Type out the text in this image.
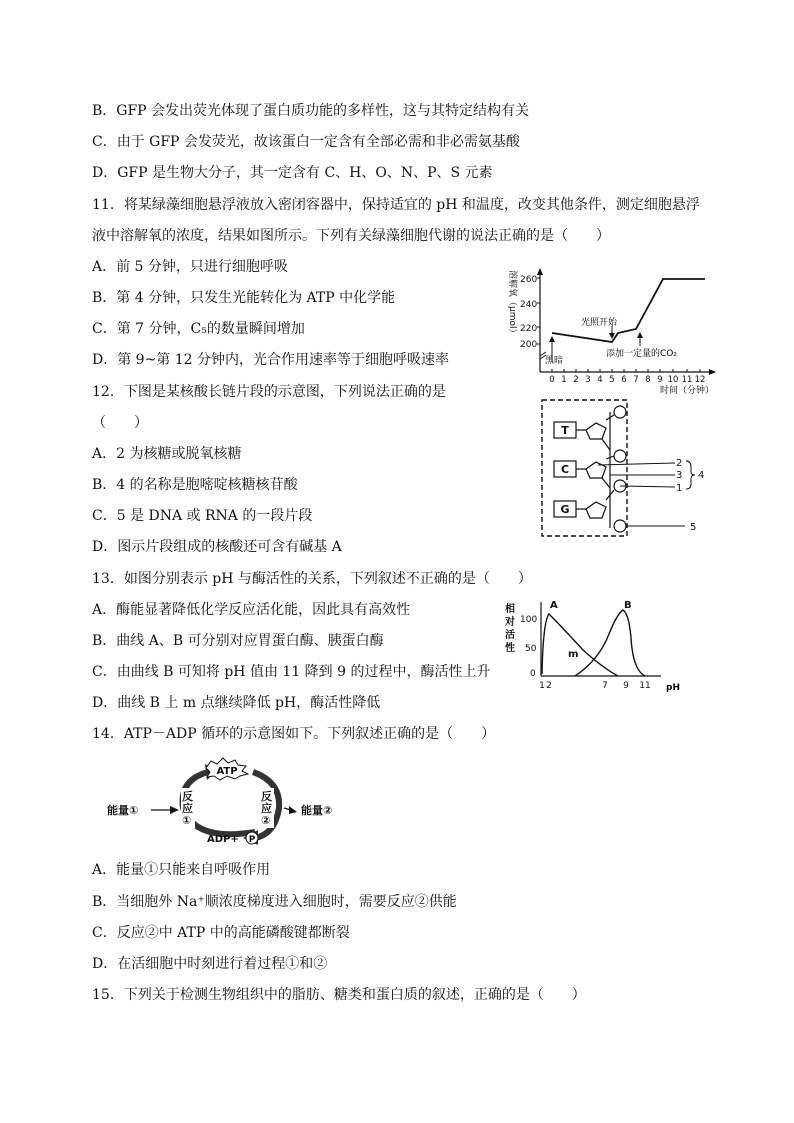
B．GFP 会发出荧光体现了蛋白质功能的多样性，这与其特定结构有关
C．由于 GFP 会发荧光，故该蛋白一定含有全部必需和非必需氨基酸
D．GFP 是生物大分子，其一定含有 C、H、O、N、P、S 元素
11．将某绿藻细胞悬浮液放入密闭容器中，保持适宜的 pH 和温度，改变其他条件，测定细胞悬浮
液中溶解氧的浓度，结果如图所示。下列有关绿藻细胞代谢的说法正确的是（　　）
A．前 5 分钟，只进行细胞呼吸
B．第 4 分钟，只发生光能转化为 ATP 中化学能
C．第 7 分钟，C₅的数量瞬间增加
D．第 9~第 12 分钟内，光合作用速率等于细胞呼吸速率
12．下图是某核酸长链片段的示意图，下列说法正确的是
（　　）
A．2 为核糖或脱氧核糖
B．4 的名称是胞嘧啶核糖核苷酸
C．5 是 DNA 或 RNA 的一段片段
D．图示片段组成的核酸还可含有碱基 A
13．如图分别表示 pH 与酶活性的关系，下列叙述不正确的是（　　）
A．酶能显著降低化学反应活化能，因此具有高效性
B．曲线 A、B 可分别对应胃蛋白酶、胰蛋白酶
C．由曲线 B 可知将 pH 值由 11 降到 9 的过程中，酶活性上升
D．曲线 B 上 m 点继续降低 pH，酶活性降低
14．ATP－ADP 循环的示意图如下。下列叙述正确的是（　　）
A．能量①只能来自呼吸作用
B．当细胞外 Na⁺顺浓度梯度进入细胞时，需要反应②供能
C．反应②中 ATP 中的高能磷酸键都断裂
D．在活细胞中时刻进行着过程①和②
15．下列关于检测生物组织中的脂肪、糖类和蛋白质的叙述，正确的是（　　）
溶解氧（μmol） 260
240
220
200
0 1 2 3 4 5 6 7 8 9 10 11 12
时间（分钟）
黑暗
光照开始
添加一定量的CO₂
T
C
G
2
3
1
4
5
相
对
活
性
100
50
0
1 2	7 9 11 pH
A	B
m
ATP
ADP+ P
反
应
①
反
应
②
能量①	能量②
